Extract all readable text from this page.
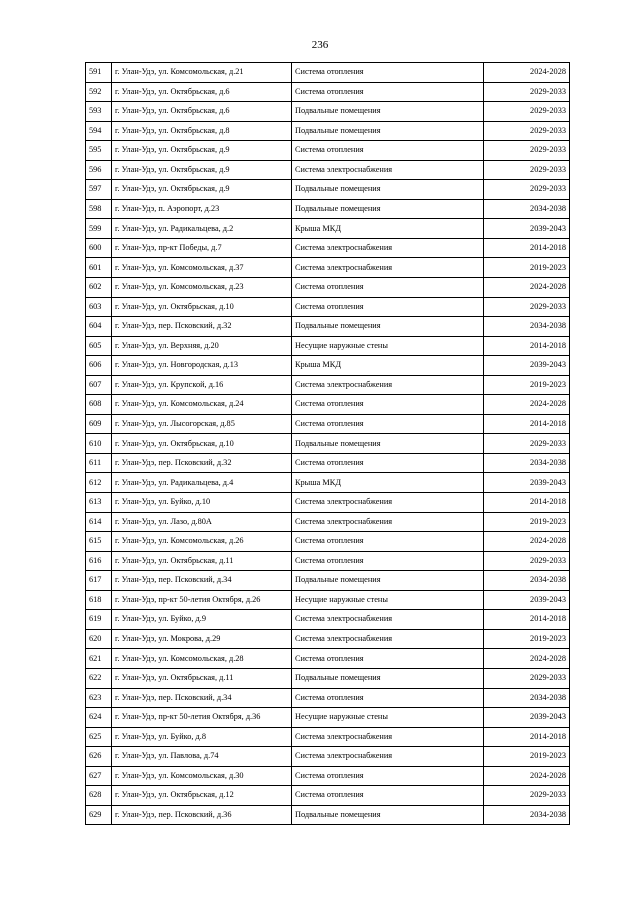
236
591	г. Улан-Удэ, ул. Комсомольская, д.21	Система отопления	2024-2028
592	г. Улан-Удэ, ул. Октябрьская, д.6	Система отопления	2029-2033
593	г. Улан-Удэ, ул. Октябрьская, д.6	Подвальные помещения	2029-2033
594	г. Улан-Удэ, ул. Октябрьская, д.8	Подвальные помещения	2029-2033
595	г. Улан-Удэ, ул. Октябрьская, д.9	Система отопления	2029-2033
596	г. Улан-Удэ, ул. Октябрьская, д.9	Система электроснабжения	2029-2033
597	г. Улан-Удэ, ул. Октябрьская, д.9	Подвальные помещения	2029-2033
598	г. Улан-Удэ, п. Аэропорт, д.23	Подвальные помещения	2034-2038
599	г. Улан-Удэ, ул. Радикальцева, д.2	Крыша МКД	2039-2043
600	г. Улан-Удэ, пр-кт Победы, д.7	Система электроснабжения	2014-2018
601	г. Улан-Удэ, ул. Комсомольская, д.37	Система электроснабжения	2019-2023
602	г. Улан-Удэ, ул. Комсомольская, д.23	Система отопления	2024-2028
603	г. Улан-Удэ, ул. Октябрьская, д.10	Система отопления	2029-2033
604	г. Улан-Удэ, пер. Псковский, д.32	Подвальные помещения	2034-2038
605	г. Улан-Удэ, ул. Верхняя, д.20	Несущие наружные стены	2014-2018
606	г. Улан-Удэ, ул. Новгородская, д.13	Крыша МКД	2039-2043
607	г. Улан-Удэ, ул. Крупской, д.16	Система электроснабжения	2019-2023
608	г. Улан-Удэ, ул. Комсомольская, д.24	Система отопления	2024-2028
609	г. Улан-Удэ, ул. Лысогорская, д.85	Система отопления	2014-2018
610	г. Улан-Удэ, ул. Октябрьская, д.10	Подвальные помещения	2029-2033
611	г. Улан-Удэ, пер. Псковский, д.32	Система отопления	2034-2038
612	г. Улан-Удэ, ул. Радикальцева, д.4	Крыша МКД	2039-2043
613	г. Улан-Удэ, ул. Буйко, д.10	Система электроснабжения	2014-2018
614	г. Улан-Удэ, ул. Лазо, д.80А	Система электроснабжения	2019-2023
615	г. Улан-Удэ, ул. Комсомольская, д.26	Система отопления	2024-2028
616	г. Улан-Удэ, ул. Октябрьская, д.11	Система отопления	2029-2033
617	г. Улан-Удэ, пер. Псковский, д.34	Подвальные помещения	2034-2038
618	г. Улан-Удэ, пр-кт 50-летия Октября, д.26	Несущие наружные стены	2039-2043
619	г. Улан-Удэ, ул. Буйко, д.9	Система электроснабжения	2014-2018
620	г. Улан-Удэ, ул. Мокрова, д.29	Система электроснабжения	2019-2023
621	г. Улан-Удэ, ул. Комсомольская, д.28	Система отопления	2024-2028
622	г. Улан-Удэ, ул. Октябрьская, д.11	Подвальные помещения	2029-2033
623	г. Улан-Удэ, пер. Псковский, д.34	Система отопления	2034-2038
624	г. Улан-Удэ, пр-кт 50-летия Октября, д.36	Несущие наружные стены	2039-2043
625	г. Улан-Удэ, ул. Буйко, д.8	Система электроснабжения	2014-2018
626	г. Улан-Удэ, ул. Павлова, д.74	Система электроснабжения	2019-2023
627	г. Улан-Удэ, ул. Комсомольская, д.30	Система отопления	2024-2028
628	г. Улан-Удэ, ул. Октябрьская, д.12	Система отопления	2029-2033
629	г. Улан-Удэ, пер. Псковский, д.36	Подвальные помещения	2034-2038
